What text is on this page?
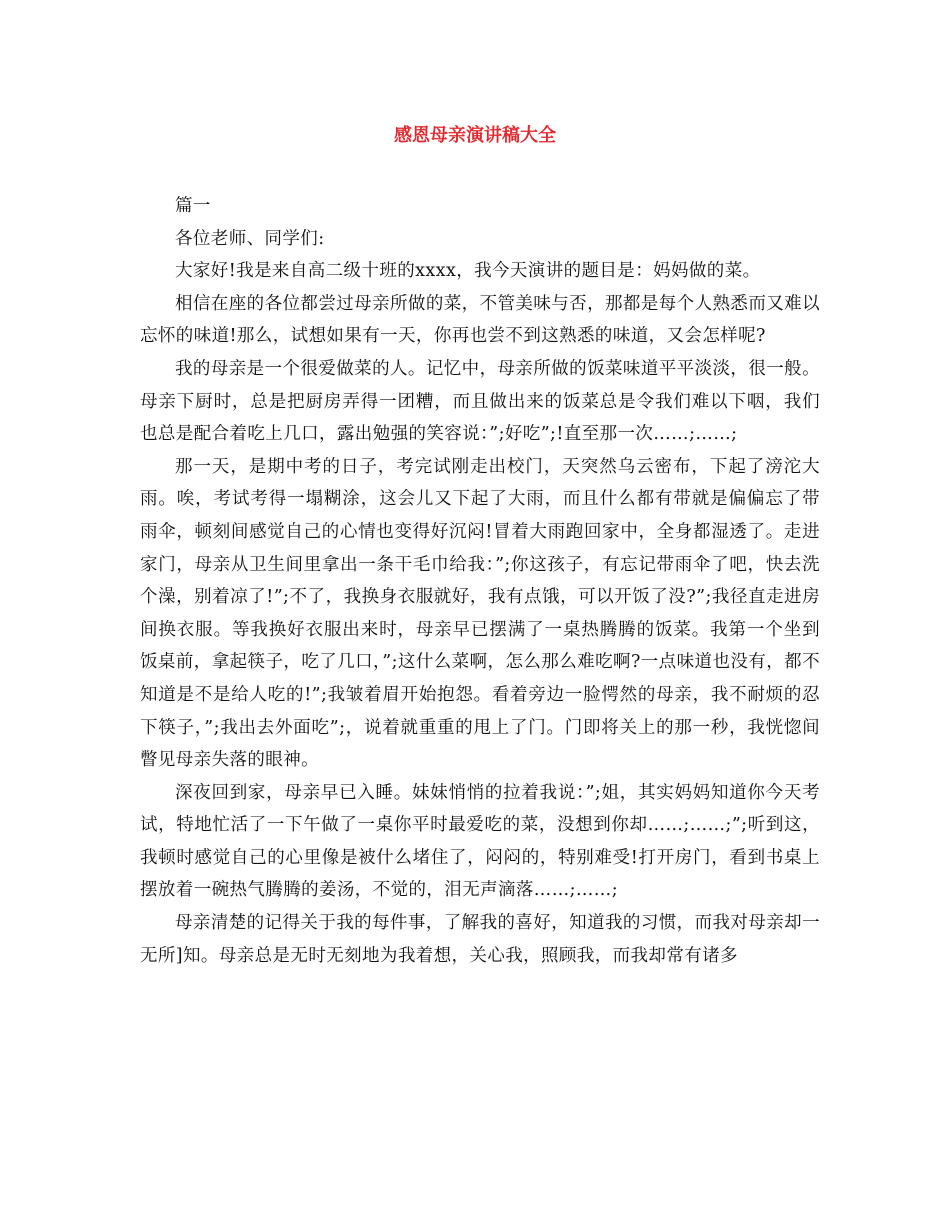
感恩母亲演讲稿大全

篇一

各位老师、同学们:

大家好!我是来自高二级十班的xxxx，我今天演讲的题目是：妈妈做的菜。

相信在座的各位都尝过母亲所做的菜，不管美味与否，那都是每个人熟悉而又难以忘怀的味道!那么，试想如果有一天，你再也尝不到这熟悉的味道，又会怎样呢?

我的母亲是一个很爱做菜的人。记忆中，母亲所做的饭菜味道平平淡淡，很一般。母亲下厨时，总是把厨房弄得一团糟，而且做出来的饭菜总是令我们难以下咽，我们也总是配合着吃上几口，露出勉强的笑容说：”;好吃”;!直至那一次……;……;

那一天，是期中考的日子，考完试刚走出校门，天突然乌云密布，下起了滂沱大雨。唉，考试考得一塌糊涂，这会儿又下起了大雨，而且什么都有带就是偏偏忘了带雨伞，顿刻间感觉自己的心情也变得好沉闷!冒着大雨跑回家中，全身都湿透了。走进家门，母亲从卫生间里拿出一条干毛巾给我：”;你这孩子，有忘记带雨伞了吧，快去洗个澡，别着凉了!”;不了，我换身衣服就好，我有点饿，可以开饭了没?”;我径直走进房间换衣服。等我换好衣服出来时，母亲早已摆满了一桌热腾腾的饭菜。我第一个坐到饭桌前，拿起筷子，吃了几口，”;这什么菜啊，怎么那么难吃啊?一点味道也没有，都不知道是不是给人吃的!”;我皱着眉开始抱怨。看着旁边一脸愕然的母亲，我不耐烦的忍下筷子，”;我出去外面吃”;，说着就重重的甩上了门。门即将关上的那一秒，我恍惚间瞥见母亲失落的眼神。

深夜回到家，母亲早已入睡。妹妹悄悄的拉着我说：”;姐，其实妈妈知道你今天考试，特地忙活了一下午做了一桌你平时最爱吃的菜，没想到你却……;……;”;听到这，我顿时感觉自己的心里像是被什么堵住了，闷闷的，特别难受!打开房门，看到书桌上摆放着一碗热气腾腾的姜汤，不觉的，泪无声滴落……;……;

母亲清楚的记得关于我的每件事，了解我的喜好，知道我的习惯，而我对母亲却一无所]知。母亲总是无时无刻地为我着想，关心我，照顾我，而我却常有诸多
